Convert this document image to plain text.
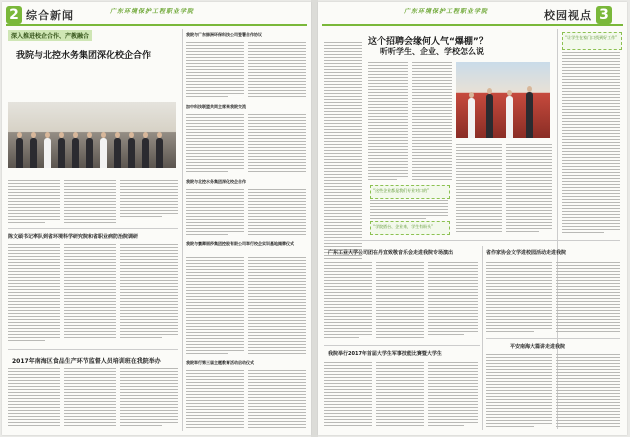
2 综合新闻	广东环境保护工程职业学院
深入推进校企合作、产教融合
我院与北控水务集团深化校企合作
陈文碩书记率队到省环境科学研究院和省职业病防治院调研
2017年南海区食品生产环节监督人员培训班在我院举办
我院与广东绿洲环保科技公司签署合作协议
加中科技联盟共同主席来我院交流
我院与北控水务集团深化校企合作
我院与寰卿丽莎集团控股有限公司举行校企实训基地揭牌仪式
我院举行第三届主题教育活动启动仪式
广东环境保护工程职业学院	校园视点 3
这个招聘会缘何人气“爆棚”？
听听学生、企业、学校怎么说
“这些企业都是我们专业对口的”
“学院搭台、企业来，学生有盼头”
“让学生在家门口找到好工作”
广东工业大学公司团在丹宜致敬音乐会走进我院专场演出	省作家协会文学进校园活动走进我院
我院举行2017年首届大学生军事技能比赛暨大学生
平安南海大篇讲走进我院
